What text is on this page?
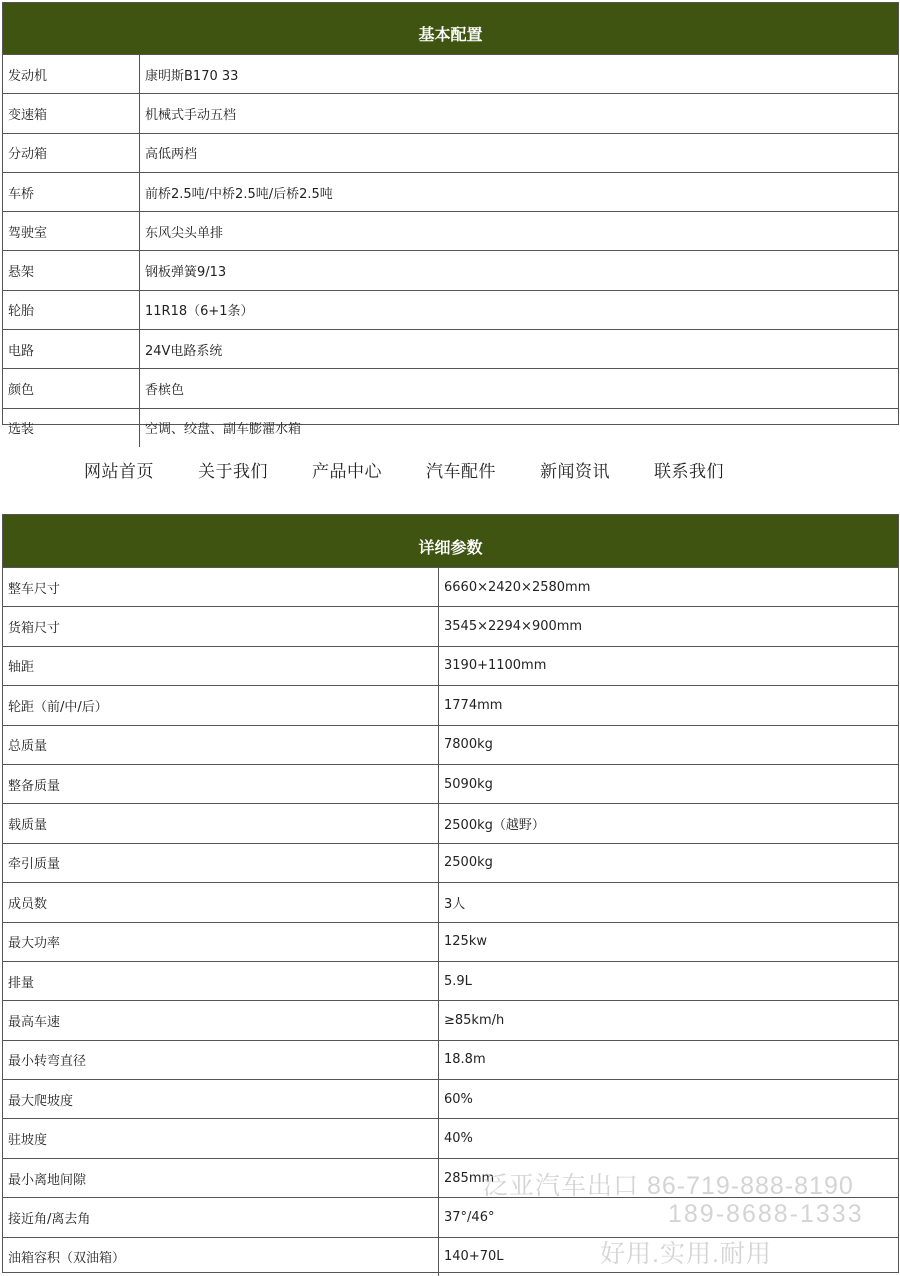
基本配置
发动机	康明斯B170 33
变速箱	机械式手动五档
分动箱	高低两档
车桥	前桥2.5吨/中桥2.5吨/后桥2.5吨
驾驶室	东风尖头单排
悬架	钢板弹簧9/13
轮胎	11R18（6+1条）
电路	24V电路系统
颜色	香槟色
选装	空调、绞盘、副车膨濯水箱
网站首页	关于我们	产品中心	汽车配件	新闻资讯	联系我们
详细参数
整车尺寸	6660×2420×2580mm
货箱尺寸	3545×2294×900mm
轴距	3190+1100mm
轮距（前/中/后）	1774mm
总质量	7800kg
整备质量	5090kg
载质量	2500kg（越野）
牵引质量	2500kg
成员数	3人
最大功率	125kw
排量	5.9L
最高车速	≥85km/h
最小转弯直径	18.8m
最大爬坡度	60%
驻坡度	40%
最小离地间隙	285mm
接近角/离去角	37°/46°
油箱容积（双油箱）	140+70L
泛亚汽车出口 86-719-888-8190
189-8688-1333
好用.实用.耐用
